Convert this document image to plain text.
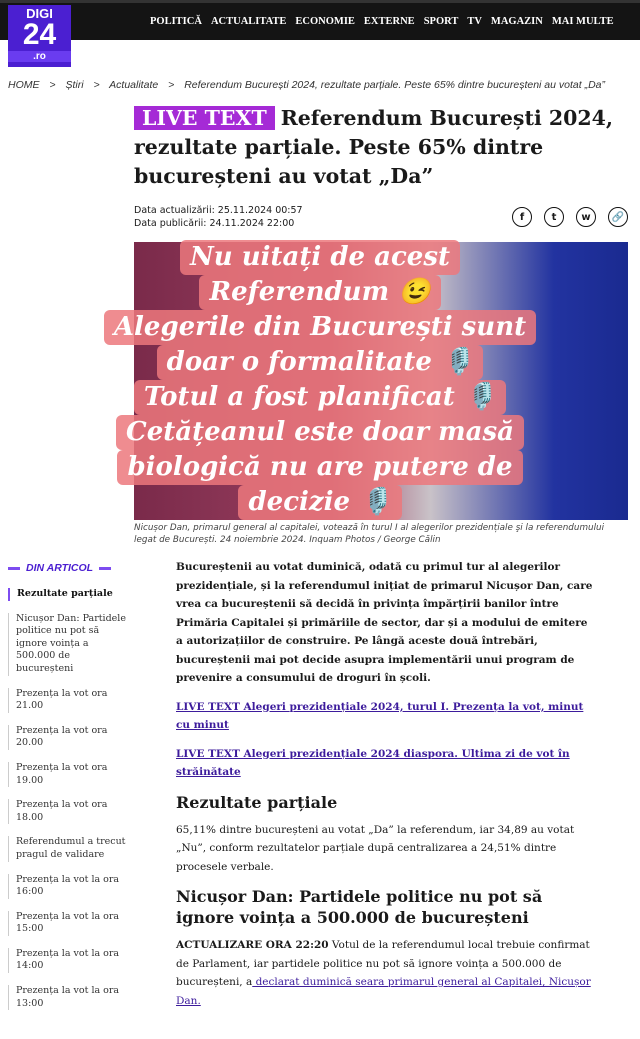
POLITICĂ ACTUALITATE ECONOMIE EXTERNE SPORT TV MAGAZIN MAI MULTE
DIGI
24
.ro
HOME > Știri > Actualitate > Referendum București 2024, rezultate parțiale. Peste 65% dintre bucureșteni au votat „Da”
LIVE TEXT Referendum București 2024, rezultate parțiale. Peste 65% dintre bucureșteni au votat „Da”
Data actualizării: 25.11.2024 00:57
Data publicării: 24.11.2024 22:00
f	t	w	🔗
Nicușor Dan, primarul general al capitalei, votează în turul I al alegerilor prezidențiale şi la referendumului legat de București. 24 noiembrie 2024. Inquam Photos / George Călin
DIN ARTICOL
Rezultate parțiale
Nicușor Dan: Partidele politice nu pot să ignore voința a 500.000 de bucureșteni
Prezența la vot ora 21.00
Prezența la vot ora 20.00
Prezența la vot ora 19.00
Prezența la vot ora 18.00
Referendumul a trecut pragul de validare
Prezența la vot la ora 16:00
Prezența la vot la ora 15:00
Prezența la vot la ora 14:00
Prezența la vot la ora 13:00

Bucureștenii au votat duminică, odată cu primul tur al alegerilor prezidențiale, și la referendumul inițiat de primarul Nicușor Dan, care vrea ca bucureștenii să decidă în privința împărțirii banilor între Primăria Capitalei și primăriile de sector, dar și a modului de emitere a autorizațiilor de construire. Pe lângă aceste două întrebări, bucureștenii mai pot decide asupra implementării unui program de prevenire a consumului de droguri în școli.

LIVE TEXT Alegeri prezidențiale 2024, turul I. Prezența la vot, minut cu minut

LIVE TEXT Alegeri prezidențiale 2024 diaspora. Ultima zi de vot în străinătate

Rezultate parțiale

65,11% dintre bucureșteni au votat „Da” la referendum, iar 34,89 au votat „Nu”, conform rezultatelor parțiale după centralizarea a 24,51% dintre procesele verbale.

Nicușor Dan: Partidele politice nu pot să ignore voința a 500.000 de bucureșteni

ACTUALIZARE ORA 22:20 Votul de la referendumul local trebuie confirmat de Parlament, iar partidele politice nu pot să ignore voința a 500.000 de bucureșteni, a declarat duminică seara primarul general al Capitalei, Nicușor Dan.

Nu uitați de acest
Referendum 😉
Alegerile din București sunt
doar o formalitate 🎙️
Totul a fost planificat 🎙️
Cetățeanul este doar masă
biologică nu are putere de
decizie 🎙️
